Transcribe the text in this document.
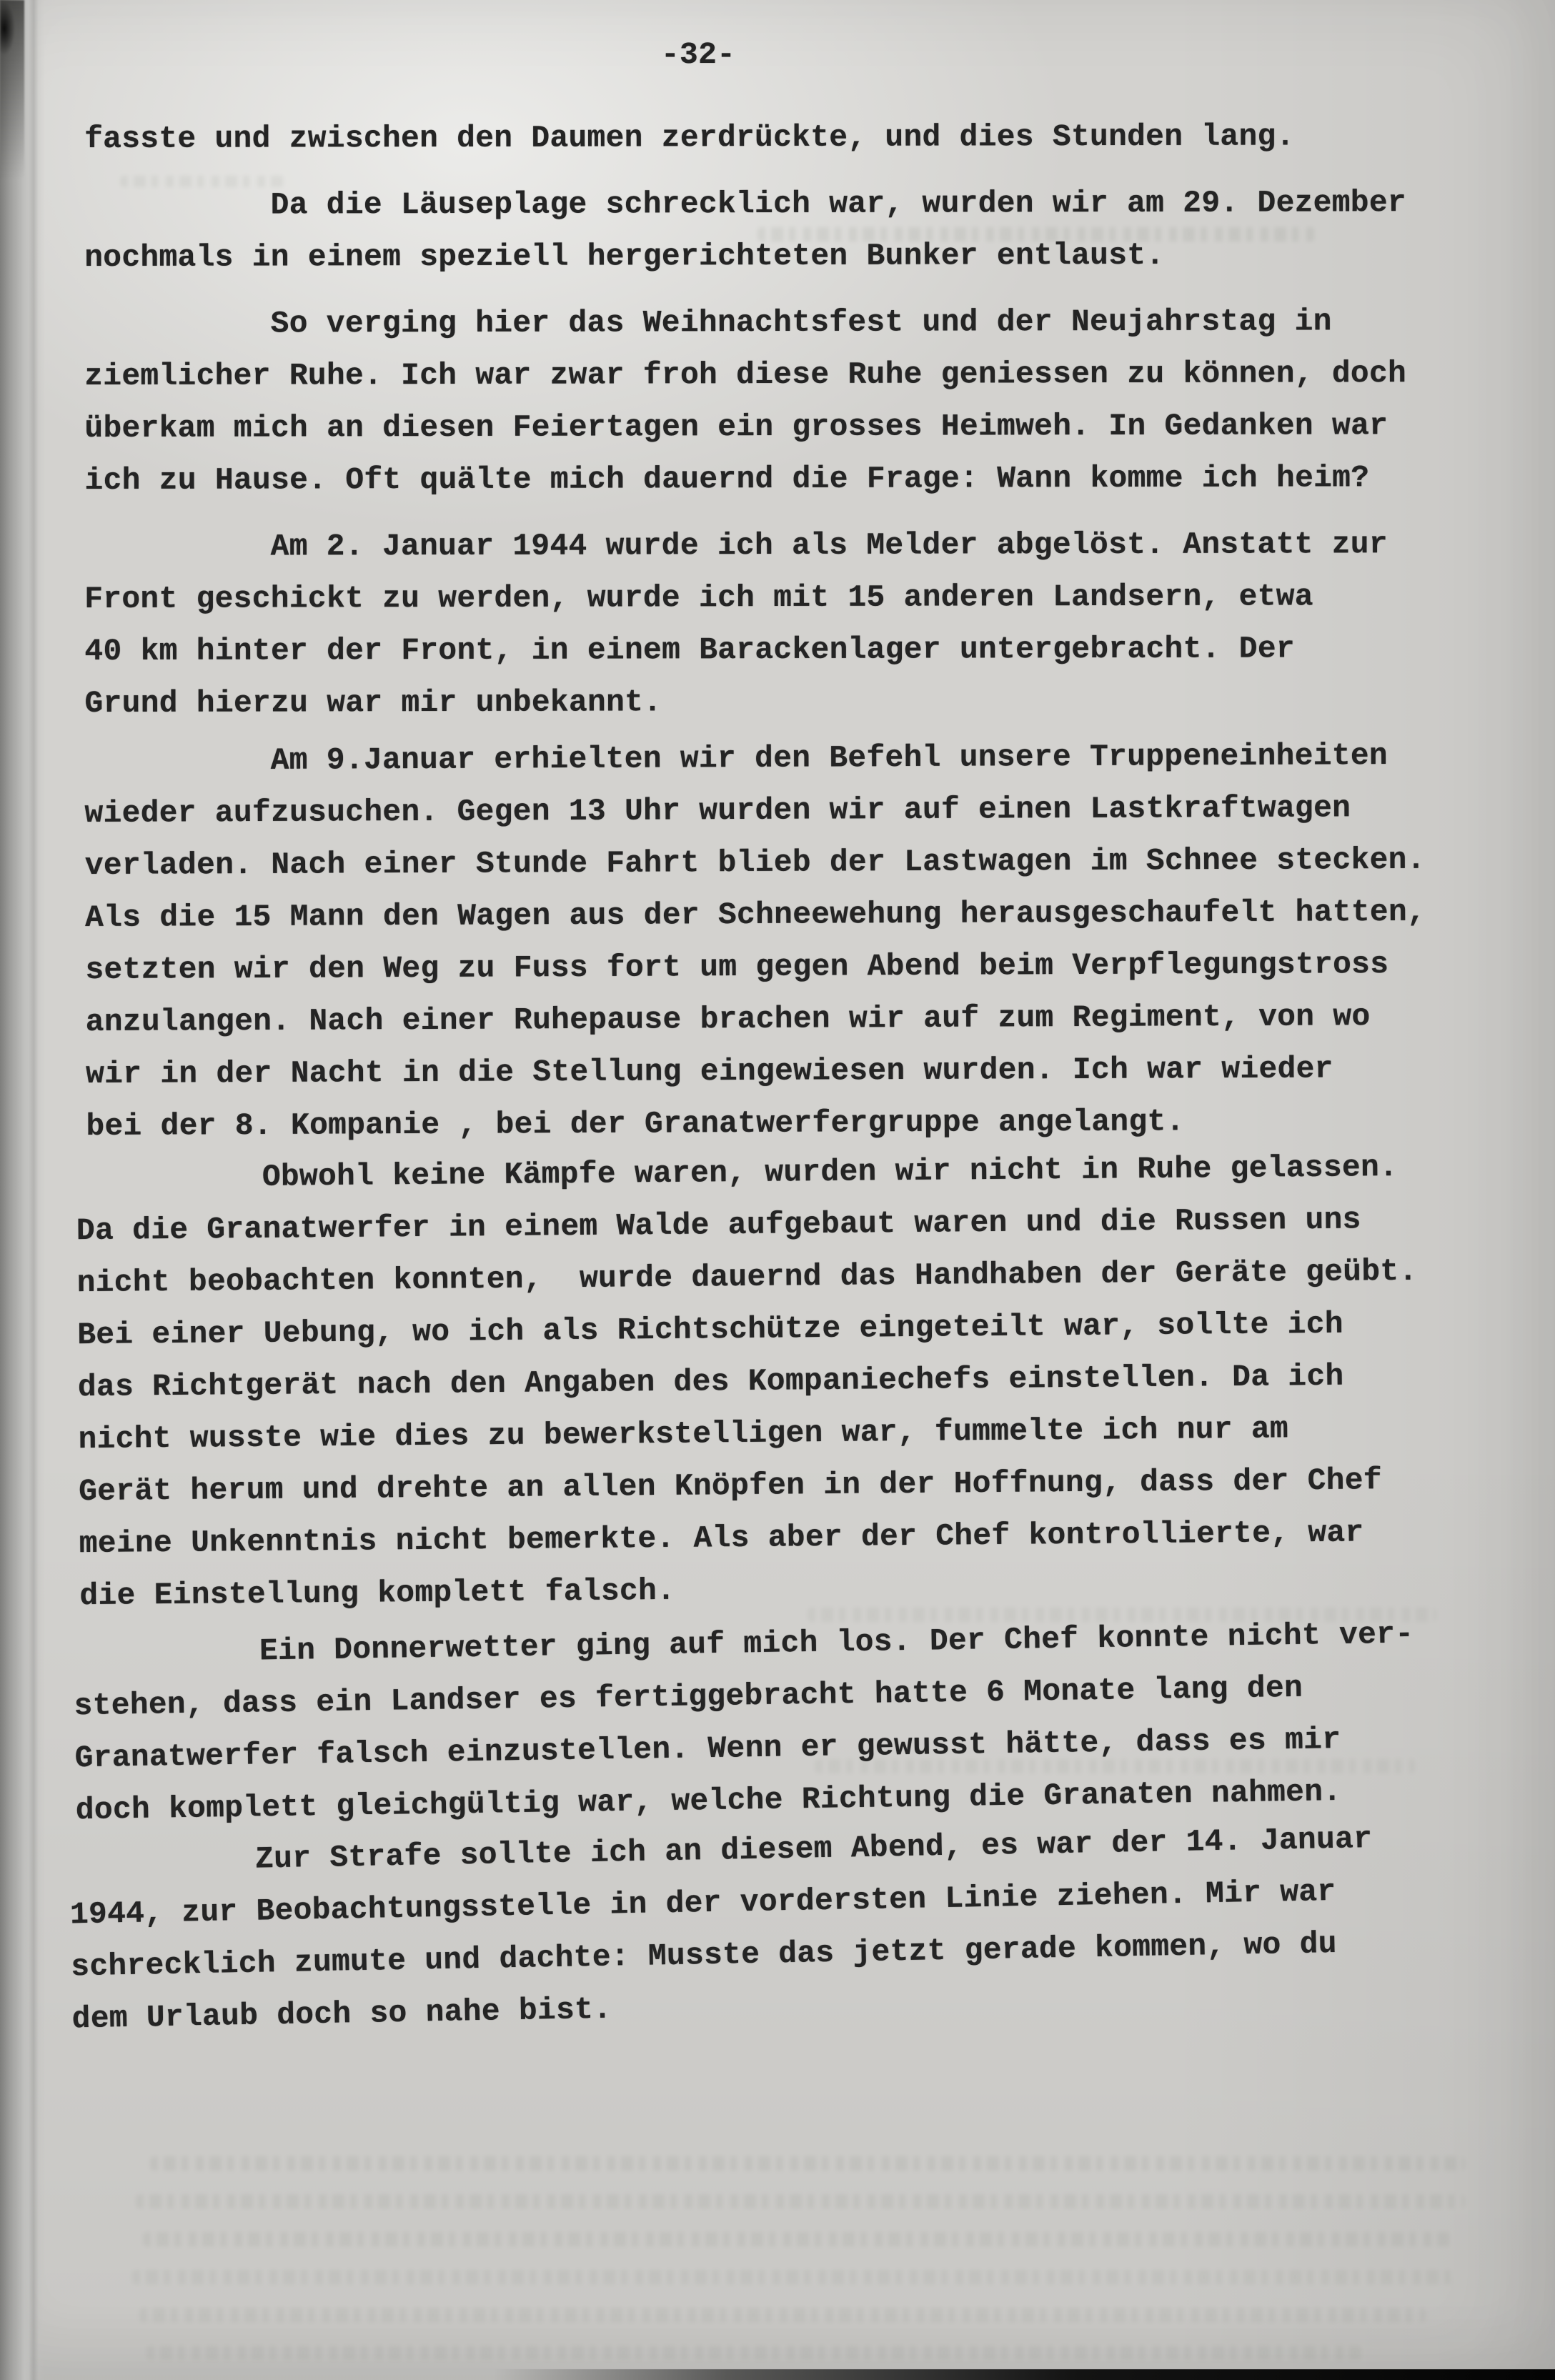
-32-
fasste und zwischen den Daumen zerdrückte, und dies Stunden lang.
Da die Läuseplage schrecklich war, wurden wir am 29. Dezember
nochmals in einem speziell hergerichteten Bunker entlaust.
So verging hier das Weihnachtsfest und der Neujahrstag in
ziemlicher Ruhe. Ich war zwar froh diese Ruhe geniessen zu können, doch
überkam mich an diesen Feiertagen ein grosses Heimweh. In Gedanken war
ich zu Hause. Oft quälte mich dauernd die Frage: Wann komme ich heim?
Am 2. Januar 1944 wurde ich als Melder abgelöst. Anstatt zur
Front geschickt zu werden, wurde ich mit 15 anderen Landsern, etwa
40 km hinter der Front, in einem Barackenlager untergebracht. Der
Grund hierzu war mir unbekannt.
Am 9.Januar erhielten wir den Befehl unsere Truppeneinheiten
wieder aufzusuchen. Gegen 13 Uhr wurden wir auf einen Lastkraftwagen
verladen. Nach einer Stunde Fahrt blieb der Lastwagen im Schnee stecken.
Als die 15 Mann den Wagen aus der Schneewehung herausgeschaufelt hatten,
setzten wir den Weg zu Fuss fort um gegen Abend beim Verpflegungstross
anzulangen. Nach einer Ruhepause brachen wir auf zum Regiment, von wo
wir in der Nacht in die Stellung eingewiesen wurden. Ich war wieder
bei der 8. Kompanie , bei der Granatwerfergruppe angelangt.
Obwohl keine Kämpfe waren, wurden wir nicht in Ruhe gelassen.
Da die Granatwerfer in einem Walde aufgebaut waren und die Russen uns
nicht beobachten konnten,  wurde dauernd das Handhaben der Geräte geübt.
Bei einer Uebung, wo ich als Richtschütze eingeteilt war, sollte ich
das Richtgerät nach den Angaben des Kompaniechefs einstellen. Da ich
nicht wusste wie dies zu bewerkstelligen war, fummelte ich nur am
Gerät herum und drehte an allen Knöpfen in der Hoffnung, dass der Chef
meine Unkenntnis nicht bemerkte. Als aber der Chef kontrollierte, war
die Einstellung komplett falsch.
Ein Donnerwetter ging auf mich los. Der Chef konnte nicht ver-
stehen, dass ein Landser es fertiggebracht hatte 6 Monate lang den
Granatwerfer falsch einzustellen. Wenn er gewusst hätte, dass es mir
doch komplett gleichgültig war, welche Richtung die Granaten nahmen.
Zur Strafe sollte ich an diesem Abend, es war der 14. Januar
1944, zur Beobachtungsstelle in der vordersten Linie ziehen. Mir war
schrecklich zumute und dachte: Musste das jetzt gerade kommen, wo du
dem Urlaub doch so nahe bist.
